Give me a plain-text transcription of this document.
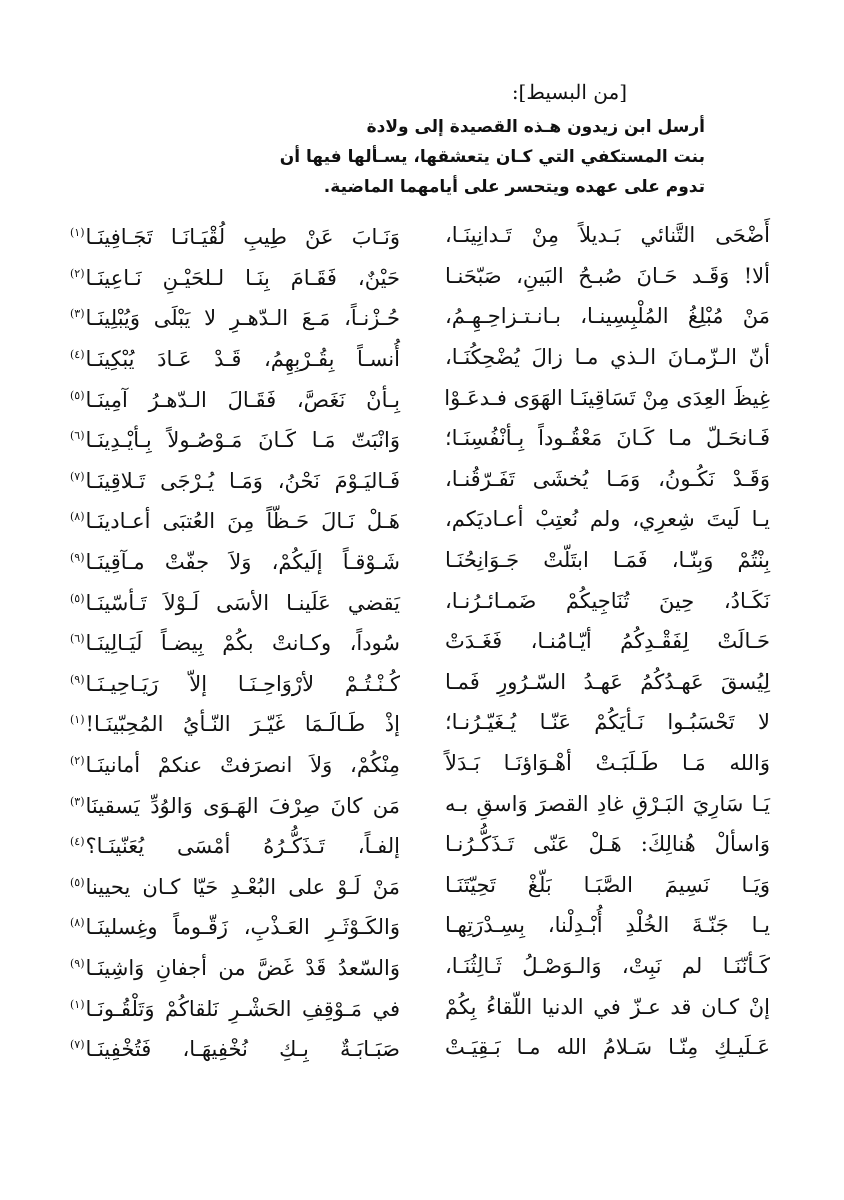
[من البسيط]:
أرسل ابن زيدون هـذه القصيدة إلى ولادة
بنت المستكفي التي كـان يتعشقها، يسـألها فيها أن
تدوم على عهده ويتحسر على أيامهما الماضية.
أَضْحَى التَّنائي بَـديلاً مِنْ تَـدانِينَـا،
وَنَـابَ عَنْ طِيبِ لُقْيَـانَـا تَجَـافِينَـا$^{(١)}$
ألا! وَقَـد حَـانَ صُبـحُ البَينِ، صَبّحَنـا
حَيْنٌ، فَقَـامَ بِنَـا لـلحَيْـنِ نَـاعِينَـا$^{(٢)}$
مَنْ مُبْلِغُ المُلْبِسِينـا، بـانـتـزاحِـهِـمُ،
حُـزْنـاً، مَـعَ الـدّهـرِ لا يَبْلَى وَيُبْلِينَـا$^{(٣)}$
أنّ الـزّمـانَ الـذي مـا زالَ يُضْحِكُنَـا،
أُنسـاً بِقُـرْبِهِمُ، قَـدْ عَـادَ يُبْكِينَـا$^{(٤)}$
غِيظَ العِدَى مِنْ تَسَاقِينَـا الهَوَى فـدعَـوْا
بِـأنْ نَغَصَّ، فَقَـالَ الـدّهـرُ آمِينَـا$^{(٥)}$
فَـانحَـلّ مـا كَـانَ مَعْقُـوداً بِـأنْفُسِنَـا؛
وَانْبَتّ مَـا كَـانَ مَـوْصُـولاً بِـأيْـدِينَـا$^{(٦)}$
وَقَـدْ نَكُـونُ، وَمَـا يُخشَى تَفَـرّقُنـا،
فَـاليَـوْمَ نَحْنُ، وَمَـا يُـرْجَى تَـلاقِينَـا$^{(٧)}$
يـا لَيتَ شِعرِي، ولم نُعتِبْ أعـاديَكم،
هَـلْ نَـالَ حَـظّاً مِنَ العُتبَى أعـادينَـا$^{(٨)}$
بِنْتُمْ وَبِنّـا، فَمَـا ابتَلّتْ جَـوَانِحُنَـا
شَـوْقـاً إلَيكُمْ، وَلاَ جفّتْ مـآقِينَـا$^{(٩)}$
نَكَـادُ، حِينَ تُنَاجِيكُمْ ضَمـائـرُنـا،
يَقضي عَلَينـا الأسَى لَـوْلاَ تَـأسّينَـا$^{(٥)}$
حَـالَتْ لِفَقْـدِكُمُ أيّـامُنـا، فَغَـدَتْ
سُوداً، وكـانتْ بكُمْ بِيضـاً لَيَـالِينَـا$^{(٦)}$
لِيُسقَ عَهـدُكُمُ عَهـدُ السّـرُورِ فَمـا
كُـنْـتُـمْ لأرْوَاحِـنَـا إلاّ رَيَـاحِيـنَـا$^{(٩)}$
لا تَحْسَبُـوا نَـأيَكُمْ عَنّـا يُـغَيّـرُنـا؛
إذْ طَـالَـمَا غَيّـرَ النّـأيُ المُحِبّينَـا!$^{(١)}$
وَالله مَـا طَـلَبَـتْ أهْـوَاؤنَـا بَـدَلاً
مِنْكُمْ، وَلاَ انصرَفتْ عنكمْ أمانينَـا$^{(٢)}$
يَـا سَارِيَ البَـرْقِ غادِ القصرَ وَاسقِ بـه
مَن كانَ صِرْفَ الهَـوَى وَالوُدِّ يَسقينَا$^{(٣)}$
وَاسألْ هُنالِكَ: هَـلْ عَنّى تَـذَكُّـرُنـا
إلفـاً، تَـذَكُّـرُهُ أمْسَى يُعَنّينَـا؟$^{(٤)}$
وَيَـا نَسِيمَ الصَّبَـا بَلّغْ تَحِيّتَنَـا
مَنْ لَـوْ على البُعْـدِ حَيّا كـان يحيينا$^{(٥)}$
يـا جَنّـةَ الخُلْدِ أُبْـدِلْنا، بِسِـدْرَتِهـا
وَالكَـوْثَـرِ العَـذْبِ، زَقّـوماً وغِسلينَـا$^{(٨)}$
كَـأنّنَـا لم نَبِتْ، وَالـوَصْـلُ ثَـالِثُنَـا،
وَالسّعدُ قَدْ غَضَّ من أجفانِ وَاشِينَـا$^{(٩)}$
إنْ كـان قد عـزّ في الدنيا اللّقاءُ بِكُمْ
في مَـوْقِفِ الحَشْـرِ نَلقاكُمْ وَتَلْقُـونَـا$^{(١)}$
عَـلَيـكِ مِنّـا سَـلامُ الله مـا بَـقِيَـتْ
صَبَـابَـةٌ بِـكِ نُخْفِيهَـا، فَتُخْفِينَـا$^{(٧)}$
